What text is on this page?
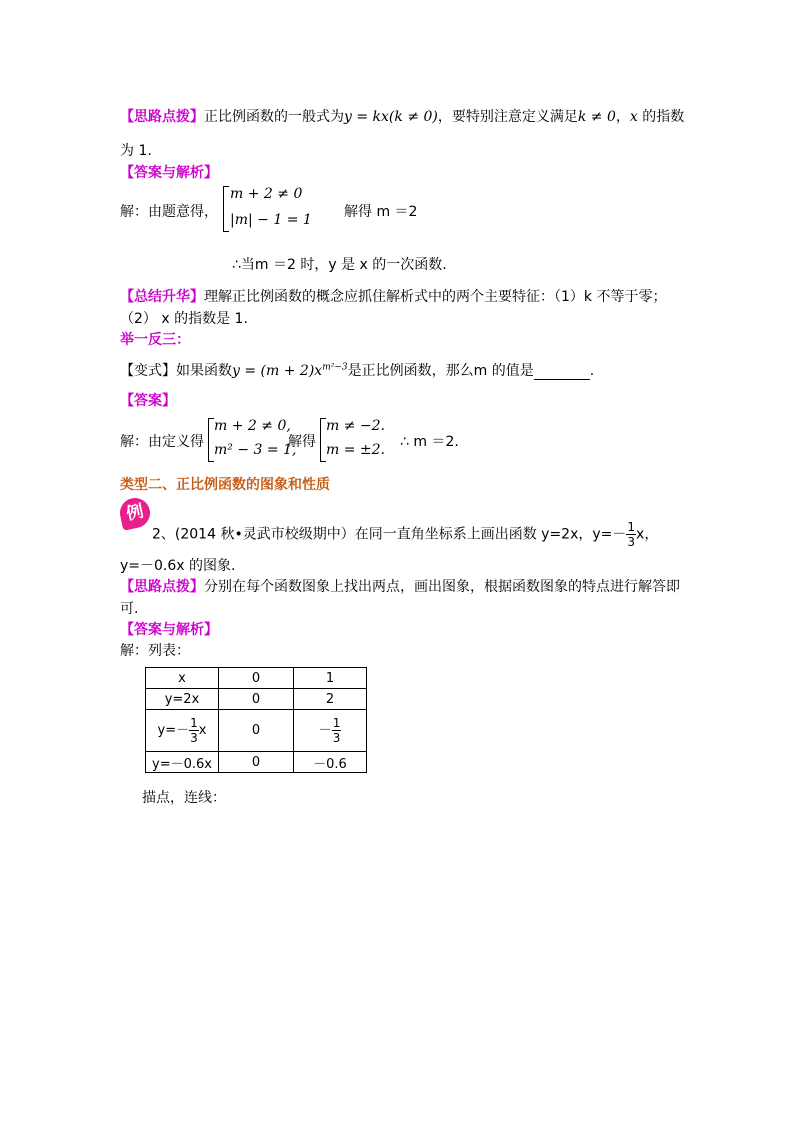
【思路点拨】正比例函数的一般式为y = kx(k ≠ 0)，要特别注意定义满足k ≠ 0，x 的指数
为 1.
【答案与解析】
解：由题意得，
m + 2 ≠ 0
|m| − 1 = 1 解得 m ＝2
∴当m ＝2 时，y 是 x 的一次函数.
【总结升华】理解正比例函数的概念应抓住解析式中的两个主要特征：（1）k 不等于零；
（2） x 的指数是 1.
举一反三：
【变式】如果函数$y = (m + 2)x^{m^2-3}$是正比例函数，那么m 的值是	.
【答案】
解：由定义得
m + 2 ≠ 0,
m² − 3 = 1,
解得
m ≠ −2.
m = ±2. ∴ m ＝2.
类型二、正比例函数的图象和性质
例
2、(2014 秋•灵武市校级期中）在同一直角坐标系上画出函数 y=2x，$y=- \frac{1}{3}$ x，
y=－0.6x 的图象.
【思路点拨】分别在每个函数图象上找出两点，画出图象，根据函数图象的特点进行解答即
可.
【答案与解析】
解：列表：
x	0	1
y=2x	0	2
$y=- \frac{1}{3}$ x	0	－ $\frac{1}{3}$

y=－0.6x	0	－0.6
描点，连线：
